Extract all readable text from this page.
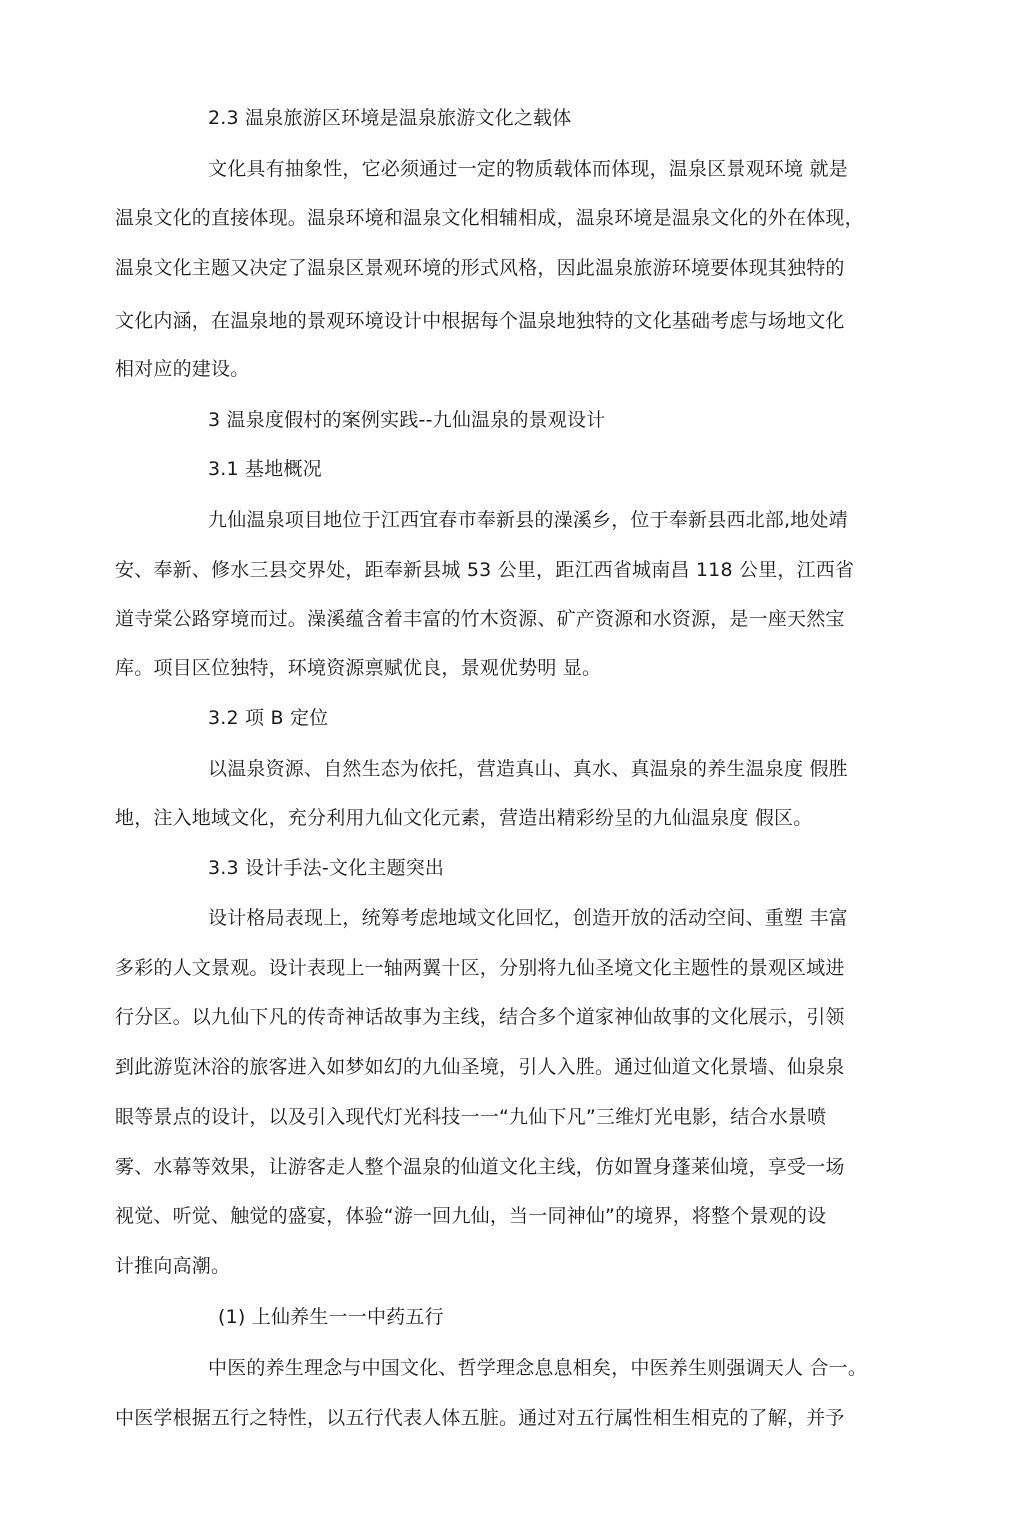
2.3 温泉旅游区环境是温泉旅游文化之载体
文化具有抽象性，它必须通过一定的物质载体而体现，温泉区景观环境 就是
温泉文化的直接体现。温泉环境和温泉文化相辅相成，温泉环境是温泉文化的外在体现，
温泉文化主题又决定了温泉区景观环境的形式风格，因此温泉旅游环境要体现其独特的
文化内涵，在温泉地的景观环境设计中根据每个温泉地独特的文化基础考虑与场地文化
相对应的建设。
3 温泉度假村的案例实践--九仙温泉的景观设计
3.1 基地概况
九仙温泉项目地位于江西宜春市奉新县的澡溪乡，位于奉新县西北部,地处靖
安、奉新、修水三县交界处，距奉新县城 53 公里，距江西省城南昌 118 公里，江西省
道寺棠公路穿境而过。澡溪蕴含着丰富的竹木资源、矿产资源和水资源，是一座天然宝
库。项目区位独特，环境资源禀赋优良，景观优势明 显。
3.2 项 B 定位
以温泉资源、自然生态为依托，营造真山、真水、真温泉的养生温泉度 假胜
地，注入地域文化，充分利用九仙文化元素，营造出精彩纷呈的九仙温泉度 假区。
3.3 设计手法-文化主题突出
设计格局表现上，统筹考虑地域文化回忆，创造开放的活动空间、重塑 丰富
多彩的人文景观。设计表现上一轴两翼十区，分别将九仙圣境文化主题性的景观区域进
行分区。以九仙下凡的传奇神话故事为主线，结合多个道家神仙故事的文化展示，引领
到此游览沐浴的旅客进入如梦如幻的九仙圣境，引人入胜。通过仙道文化景墙、仙泉泉
眼等景点的设计，以及引入现代灯光科技一一“九仙下凡”三维灯光电影，结合水景喷
雾、水幕等效果，让游客走人整个温泉的仙道文化主线，仿如置身蓬莱仙境，享受一场
视觉、听觉、触觉的盛宴，体验“游一回九仙，当一同神仙”的境界，将整个景观的设
计推向高潮。
(1) 上仙养生一一中药五行
中医的养生理念与中国文化、哲学理念息息相矣，中医养生则强调天人 合一。
中医学根据五行之特性，以五行代表人体五脏。通过对五行属性相生相克的了解，并予
